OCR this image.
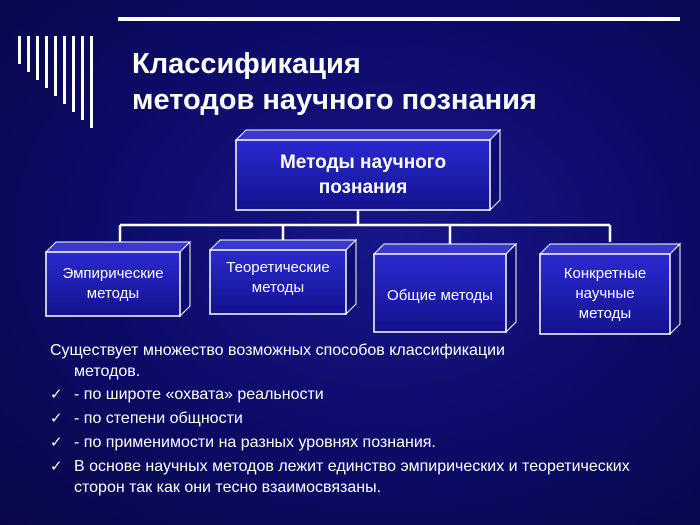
Классификация
методов научного познания
Методы научного
познания
Эмпирические
методы
Теоретические
методы	Общие методы
Конкретные
научные
методы
Существует множество возможных способов классификации
методов.
✓ - по широте «охвата» реальности
✓ - по степени общности
✓ - по применимости на разных уровнях познания.
✓ В основе научных методов лежит единство эмпирических и теоретических сторон так как они тесно взаимосвязаны.
